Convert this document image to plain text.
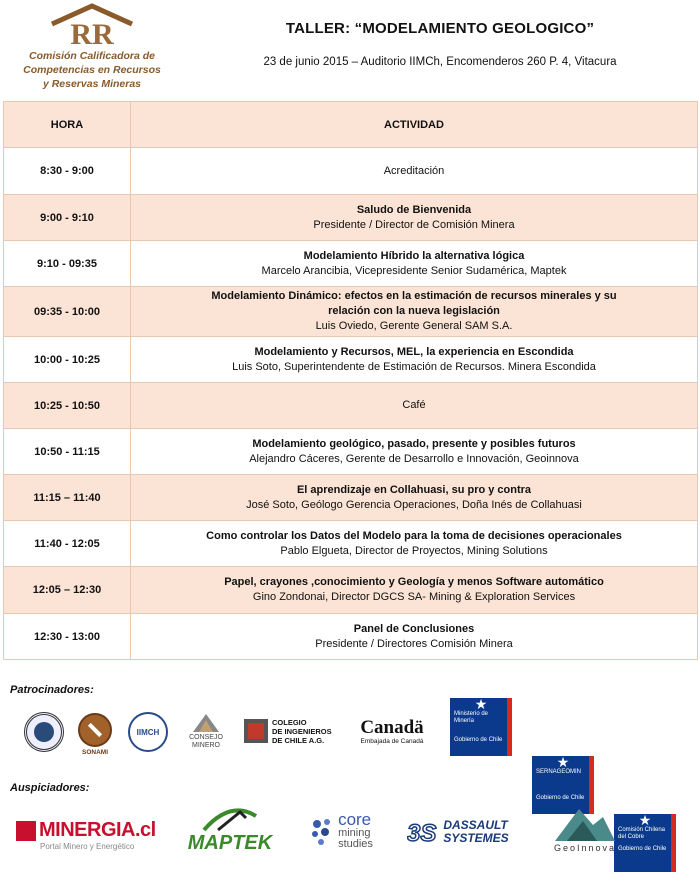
RR
Comisión Calificadora de
Competencias en Recursos
y Reservas Mineras
TALLER: “MODELAMIENTO GEOLOGICO”
23 de junio 2015 – Auditorio IIMCh, Encomenderos 260 P. 4, Vitacura
HORA	ACTIVIDAD
8:30 - 9:00	Acreditación

9:00 - 9:10	Saludo de Bienvenida
Presidente / Director de Comisión Minera

9:10 - 09:35	Modelamiento Híbrido la alternativa lógica
Marcelo Arancibia, Vicepresidente Senior Sudamérica, Maptek

09:35 - 10:00	Modelamiento Dinámico: efectos en la estimación de recursos minerales y su relación con la nueva legislación
Luis Oviedo, Gerente General SAM S.A.

10:00 - 10:25	Modelamiento y Recursos, MEL, la experiencia en Escondida
Luis Soto, Superintendente de Estimación de Recursos. Minera Escondida

10:25 - 10:50	Café

10:50 - 11:15	Modelamiento geológico, pasado, presente y posibles futuros
Alejandro Cáceres, Gerente de Desarrollo e Innovación, Geoinnova

11:15 – 11:40	El aprendizaje en Collahuasi, su pro y contra
José Soto, Geólogo Gerencia Operaciones, Doña Inés de Collahuasi

11:40 - 12:05	Como controlar los Datos del Modelo para la toma de decisiones operacionales
Pablo Elgueta, Director de Proyectos, Mining Solutions

12:05 – 12:30	Papel, crayones ,conocimiento y Geología y menos Software automático
Gino Zondonai, Director DGCS SA- Mining & Exploration Services

12:30 - 13:00	Panel de Conclusiones
Presidente / Directores Comisión Minera
Patrocinadores:
SONAMI
IIMCH
CONSEJO
MINERO
COLEGIO
DE INGENIEROS
DE CHILE A.G.
Canadä
Embajada de Canadá
★
Ministerio de Minería
Gobierno de Chile
★
SERNAGEOMIN
Gobierno de Chile
★
Comisión Chilena del Cobre
Gobierno de Chile
Auspiciadores:
MINERGIA.cl
Portal Minero y Energético	MAPTEK
core
mining
studies 3S DASSAULT
SYSTEMES
GeoInnova
